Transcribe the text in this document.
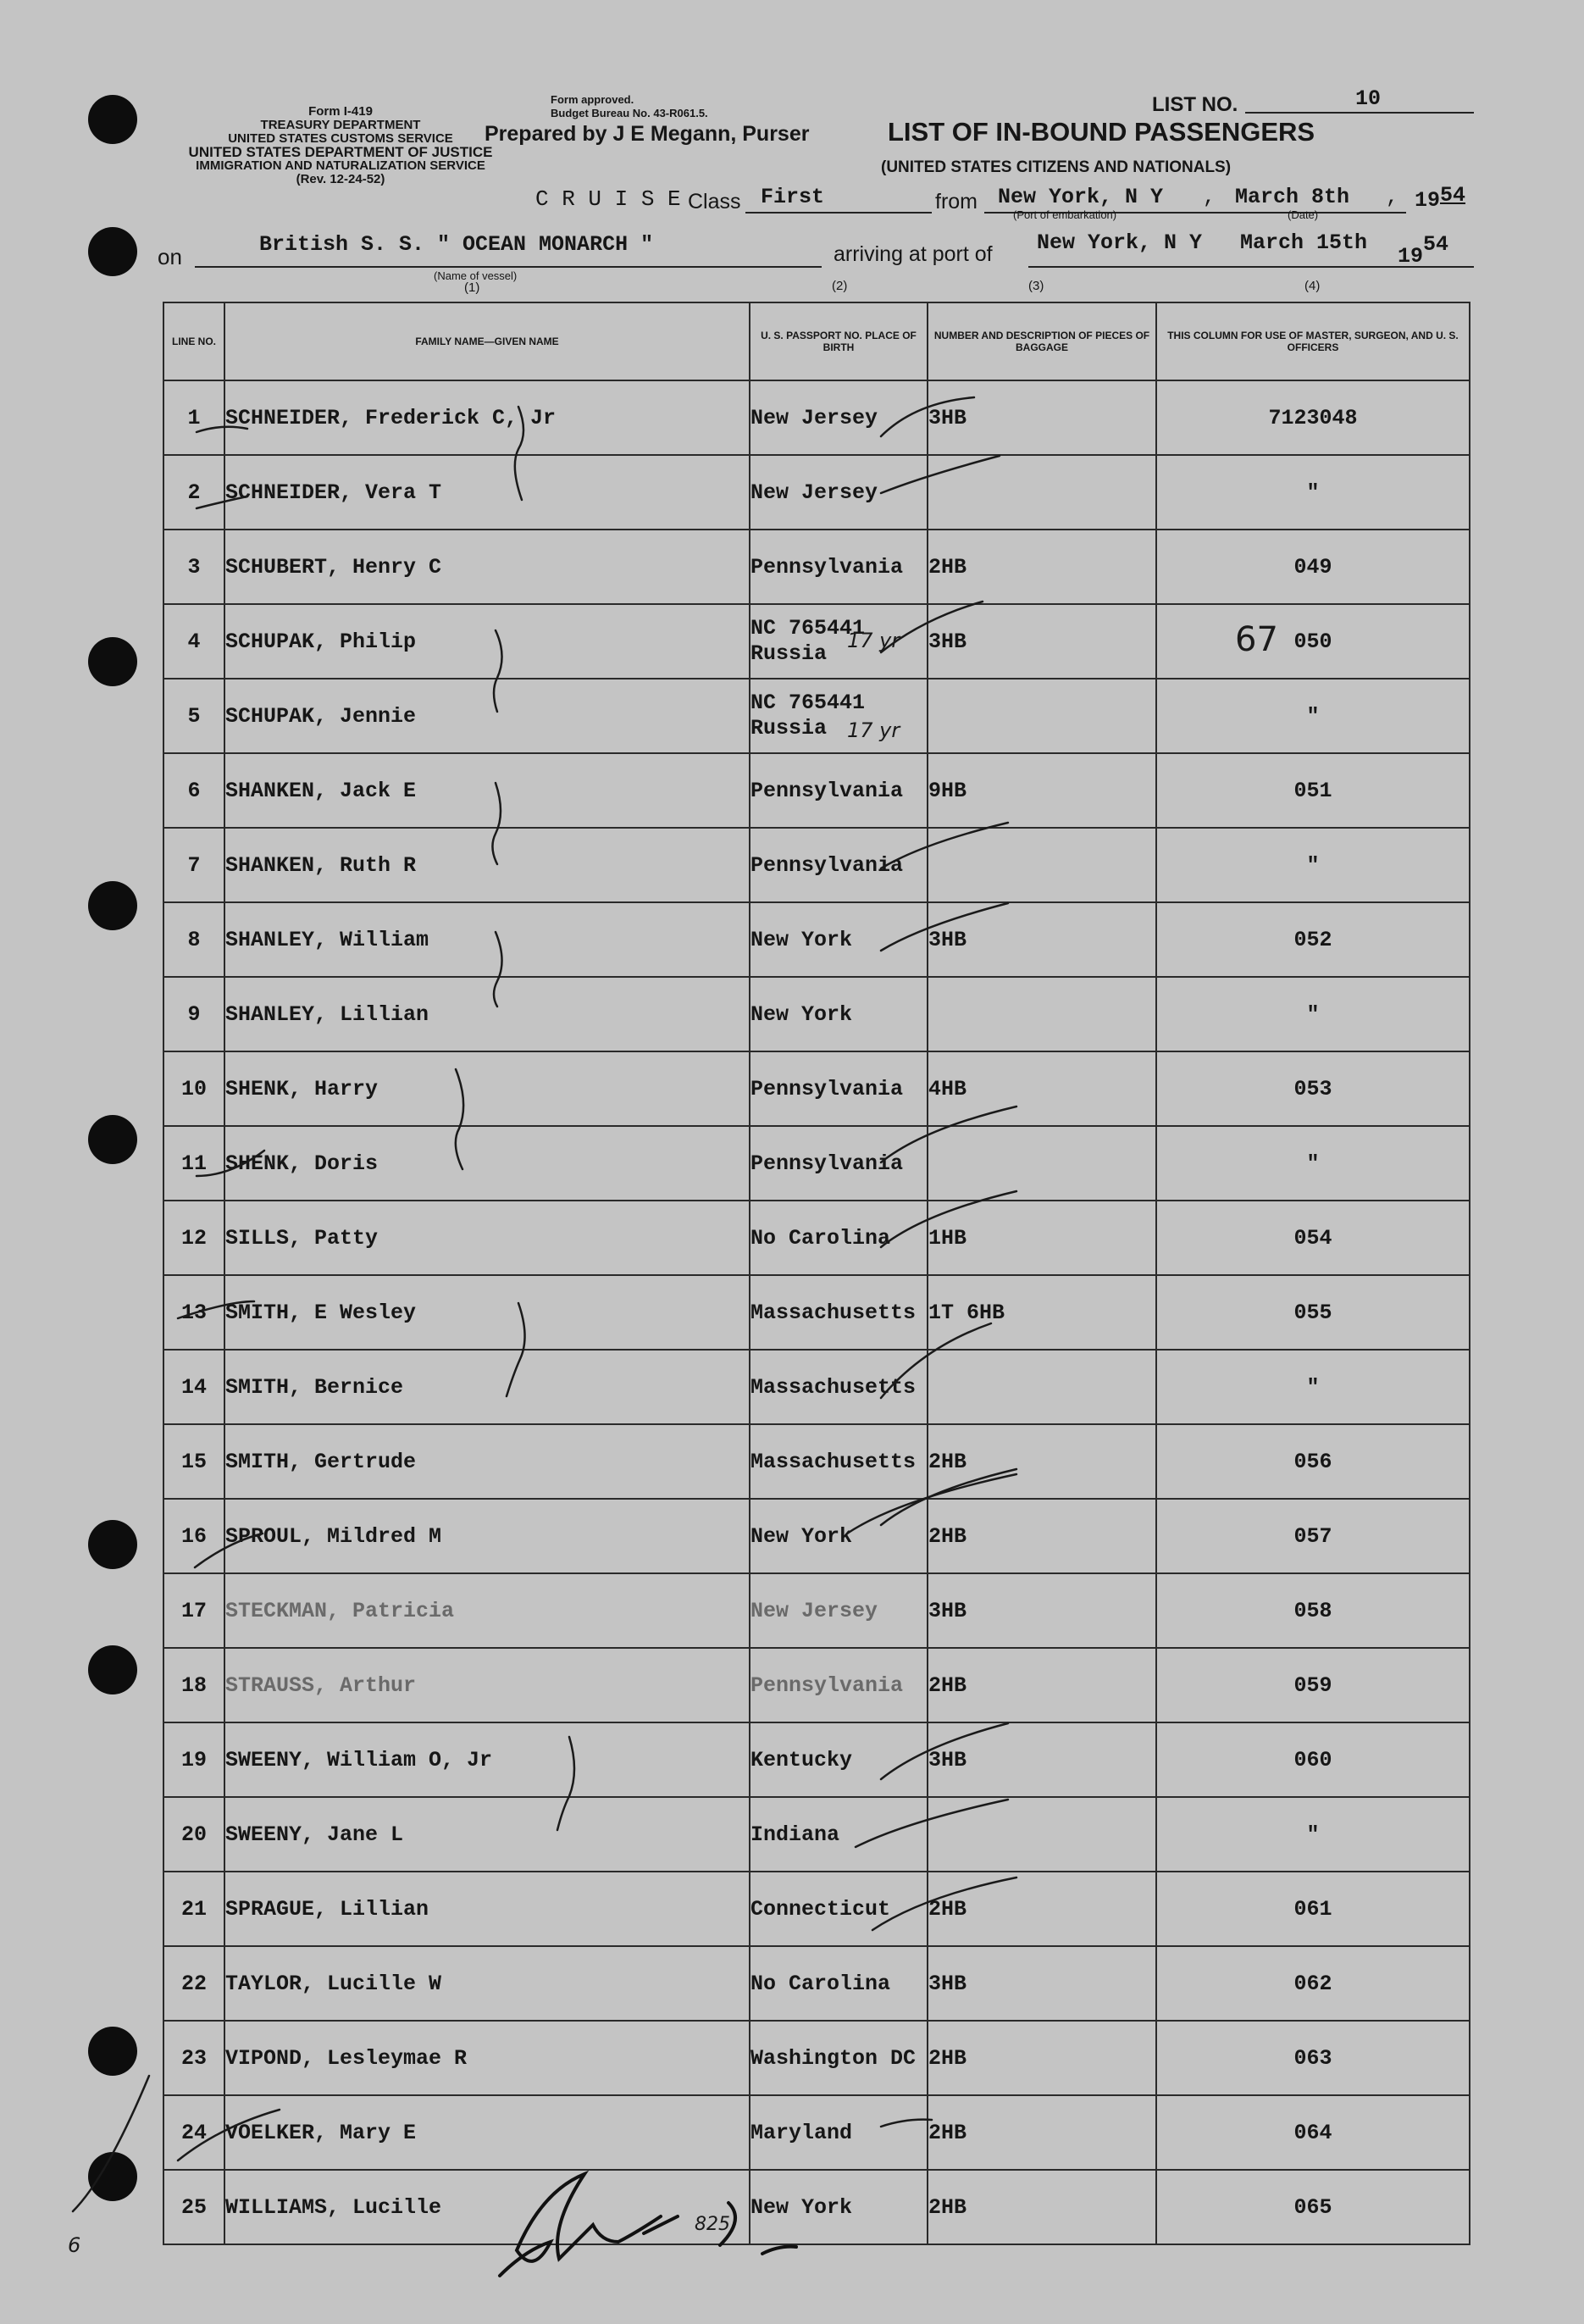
Form I-419
TREASURY DEPARTMENT
UNITED STATES CUSTOMS SERVICE
UNITED STATES DEPARTMENT OF JUSTICE
IMMIGRATION AND NATURALIZATION SERVICE
(Rev. 12-24-52)
Form approved.
Budget Bureau No. 43-R061.5.
Prepared by J E Megann, Purser	LIST OF IN-BOUND PASSENGERS
(UNITED STATES CITIZENS AND NATIONALS)
LIST NO.	10
C R U I S E Class First	from New York, N Y , March 8th , 19 54
(Port of embarkation)	(Date)
on	British S. S. " OCEAN MONARCH "	arriving at port of New York, N Y March 15th
19 54
(Name of vessel)
(1)	(2)	(3)	(4)
LINE NO.	FAMILY NAME—GIVEN NAME	U. S. PASSPORT NO. PLACE OF BIRTH	NUMBER AND DESCRIPTION OF PIECES OF BAGGAGE	THIS COLUMN FOR USE OF MASTER, SURGEON, AND U. S. OFFICERS
1	SCHNEIDER, Frederick C, Jr	New Jersey	3HB	7123048
2	SCHNEIDER, Vera T	New Jersey		"
3	SCHUBERT, Henry C	Pennsylvania	2HB	049
4	SCHUPAK, Philip	NC 765441
Russia	3HB	050
5	SCHUPAK, Jennie	NC 765441
Russia		"
6	SHANKEN, Jack E	Pennsylvania	9HB	051
7	SHANKEN, Ruth R	Pennsylvania		"
8	SHANLEY, William	New York	3HB	052
9	SHANLEY, Lillian	New York		"
10	SHENK, Harry	Pennsylvania	4HB	053
11	SHENK, Doris	Pennsylvania		"
12	SILLS, Patty	No Carolina	1HB	054
13	SMITH, E Wesley	Massachusetts	1T 6HB	055
14	SMITH, Bernice	Massachusetts		"
15	SMITH, Gertrude	Massachusetts	2HB	056
16	SPROUL, Mildred M	New York	2HB	057
17	STECKMAN, Patricia	New Jersey	3HB	058
18	STRAUSS, Arthur	Pennsylvania	2HB	059
19	SWEENY, William O, Jr	Kentucky	3HB	060
20	SWEENY, Jane L	Indiana		"
21	SPRAGUE, Lillian	Connecticut	2HB	061
22	TAYLOR, Lucille W	No Carolina	3HB	062
23	VIPOND, Lesleymae R	Washington DC	2HB	063
24	VOELKER, Mary E	Maryland	2HB	064
25	WILLIAMS, Lucille	New York	2HB	065
17 yr
17 yr
67
6
825
